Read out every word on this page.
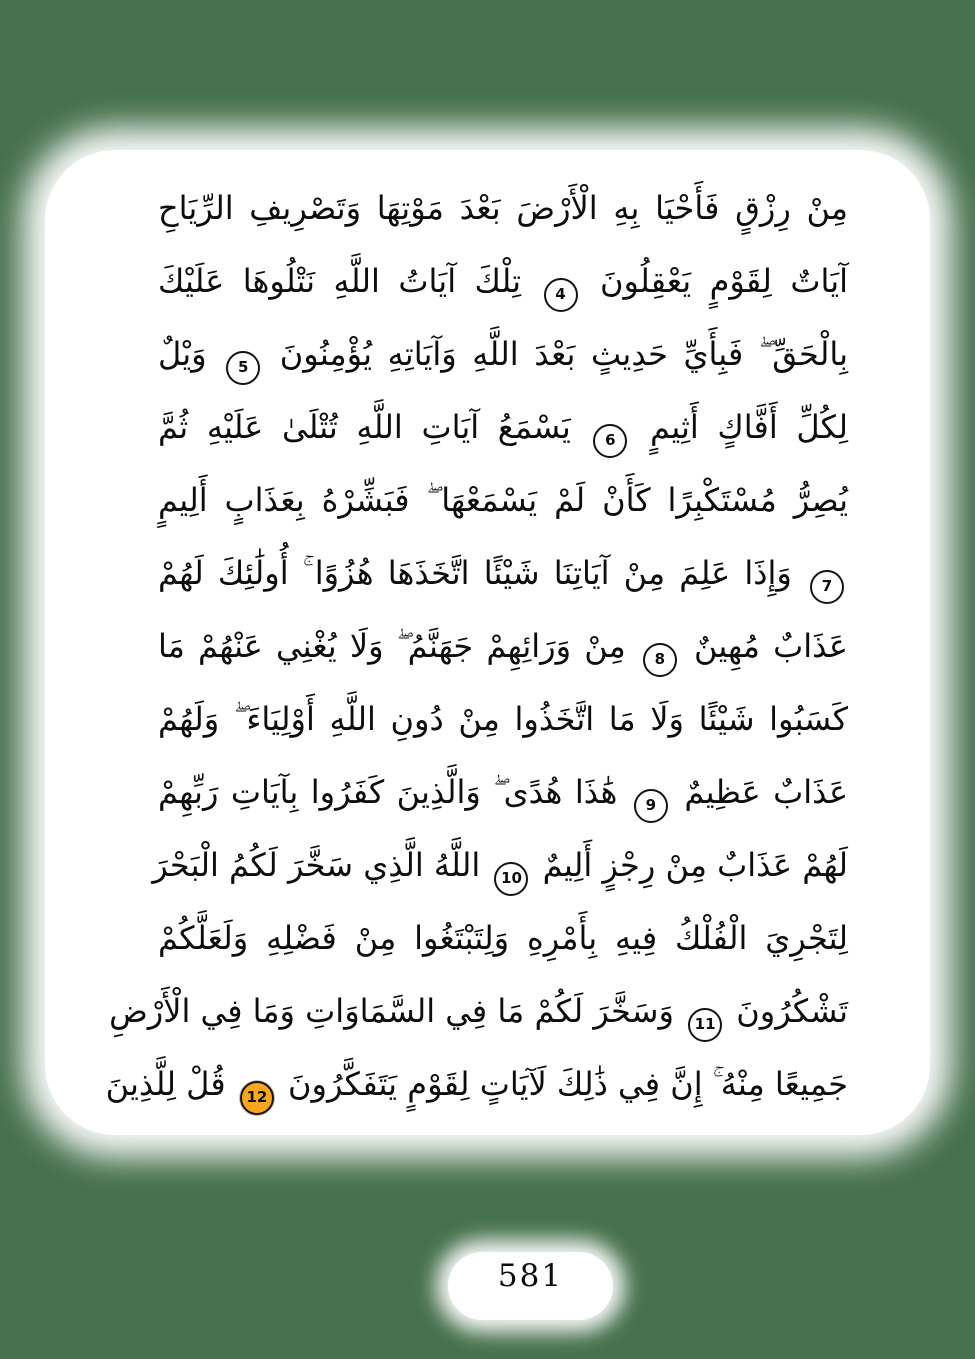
مِنْ رِزْقٍ فَأَحْيَا بِهِ الْأَرْضَ بَعْدَ مَوْتِهَا وَتَصْرِيفِ الرِّيَاحِ
آيَاتٌ لِقَوْمٍ يَعْقِلُونَ 4 تِلْكَ آيَاتُ اللَّهِ نَتْلُوهَا عَلَيْكَ
بِالْحَقِّ ۖ فَبِأَيِّ حَدِيثٍ بَعْدَ اللَّهِ وَآيَاتِهِ يُؤْمِنُونَ 5 وَيْلٌ
لِكُلِّ أَفَّاكٍ أَثِيمٍ 6 يَسْمَعُ آيَاتِ اللَّهِ تُتْلَىٰ عَلَيْهِ ثُمَّ
يُصِرُّ مُسْتَكْبِرًا كَأَنْ لَمْ يَسْمَعْهَا ۖ فَبَشِّرْهُ بِعَذَابٍ أَلِيمٍ
7 وَإِذَا عَلِمَ مِنْ آيَاتِنَا شَيْئًا اتَّخَذَهَا هُزُوًا ۚ أُولَٰئِكَ لَهُمْ
عَذَابٌ مُهِينٌ 8 مِنْ وَرَائِهِمْ جَهَنَّمُ ۖ وَلَا يُغْنِي عَنْهُمْ مَا
كَسَبُوا شَيْئًا وَلَا مَا اتَّخَذُوا مِنْ دُونِ اللَّهِ أَوْلِيَاءَ ۖ وَلَهُمْ
عَذَابٌ عَظِيمٌ 9 هَٰذَا هُدًى ۖ وَالَّذِينَ كَفَرُوا بِآيَاتِ رَبِّهِمْ
لَهُمْ عَذَابٌ مِنْ رِجْزٍ أَلِيمٌ 10 اللَّهُ الَّذِي سَخَّرَ لَكُمُ الْبَحْرَ
لِتَجْرِيَ الْفُلْكُ فِيهِ بِأَمْرِهِ وَلِتَبْتَغُوا مِنْ فَضْلِهِ وَلَعَلَّكُمْ
تَشْكُرُونَ 11 وَسَخَّرَ لَكُمْ مَا فِي السَّمَاوَاتِ وَمَا فِي الْأَرْضِ
جَمِيعًا مِنْهُ ۚ إِنَّ فِي ذَٰلِكَ لَآيَاتٍ لِقَوْمٍ يَتَفَكَّرُونَ 12 قُلْ لِلَّذِينَ
581
